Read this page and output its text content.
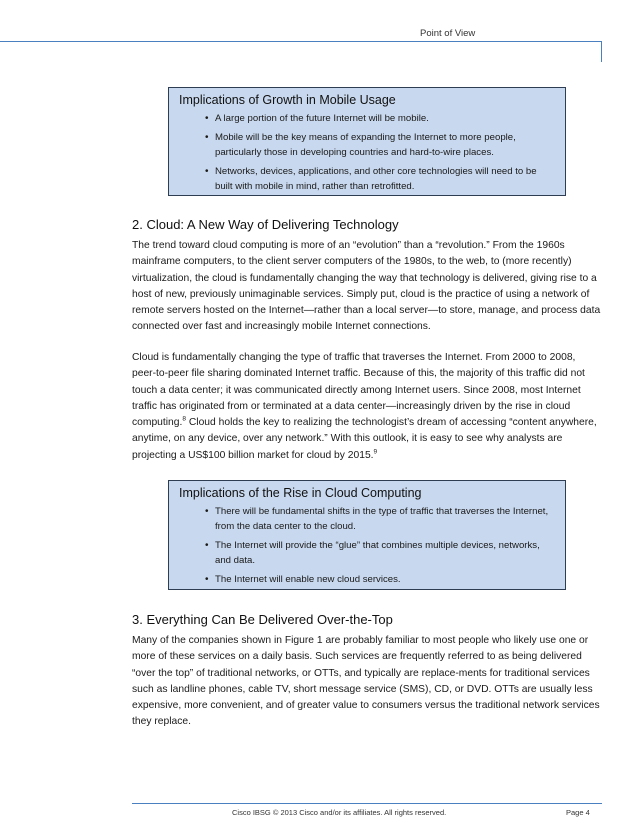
Point of View
Implications of Growth in Mobile Usage
• A large portion of the future Internet will be mobile.
• Mobile will be the key means of expanding the Internet to more people, particularly those in developing countries and hard-to-wire places.
• Networks, devices, applications, and other core technologies will need to be built with mobile in mind, rather than retrofitted.
2. Cloud: A New Way of Delivering Technology

The trend toward cloud computing is more of an “evolution” than a “revolution.” From the 1960s mainframe computers, to the client server computers of the 1980s, to the web, to (more recently) virtualization, the cloud is fundamentally changing the way that technology is delivered, giving rise to a host of new, previously unimaginable services. Simply put, cloud is the practice of using a network of remote servers hosted on the Internet—rather than a local server—to store, manage, and process data connected over fast and increasingly mobile Internet connections.

Cloud is fundamentally changing the type of traffic that traverses the Internet. From 2000 to 2008, peer-to-peer file sharing dominated Internet traffic. Because of this, the majority of this traffic did not touch a data center; it was communicated directly among Internet users. Since 2008, most Internet traffic has originated from or terminated at a data center—increasingly driven by the rise in cloud computing.$^8$ Cloud holds the key to realizing the technologist’s dream of accessing “content anywhere, anytime, on any device, over any network.” With this outlook, it is easy to see why analysts are projecting a US$100 billion market for cloud by 2015.$^9$

Implications of the Rise in Cloud Computing
• There will be fundamental shifts in the type of traffic that traverses the Internet, from the data center to the cloud.
• The Internet will provide the “glue” that combines multiple devices, networks, and data.
• The Internet will enable new cloud services.
3. Everything Can Be Delivered Over-the-Top

Many of the companies shown in Figure 1 are probably familiar to most people who likely use one or more of these services on a daily basis. Such services are frequently referred to as being delivered “over the top” of traditional networks, or OTTs, and typically are replace-ments for traditional services such as landline phones, cable TV, short message service (SMS), CD, or DVD. OTTs are usually less expensive, more convenient, and of greater value to consumers versus the traditional network services they replace.

Cisco IBSG © 2013 Cisco and/or its affiliates. All rights reserved.	Page 4
